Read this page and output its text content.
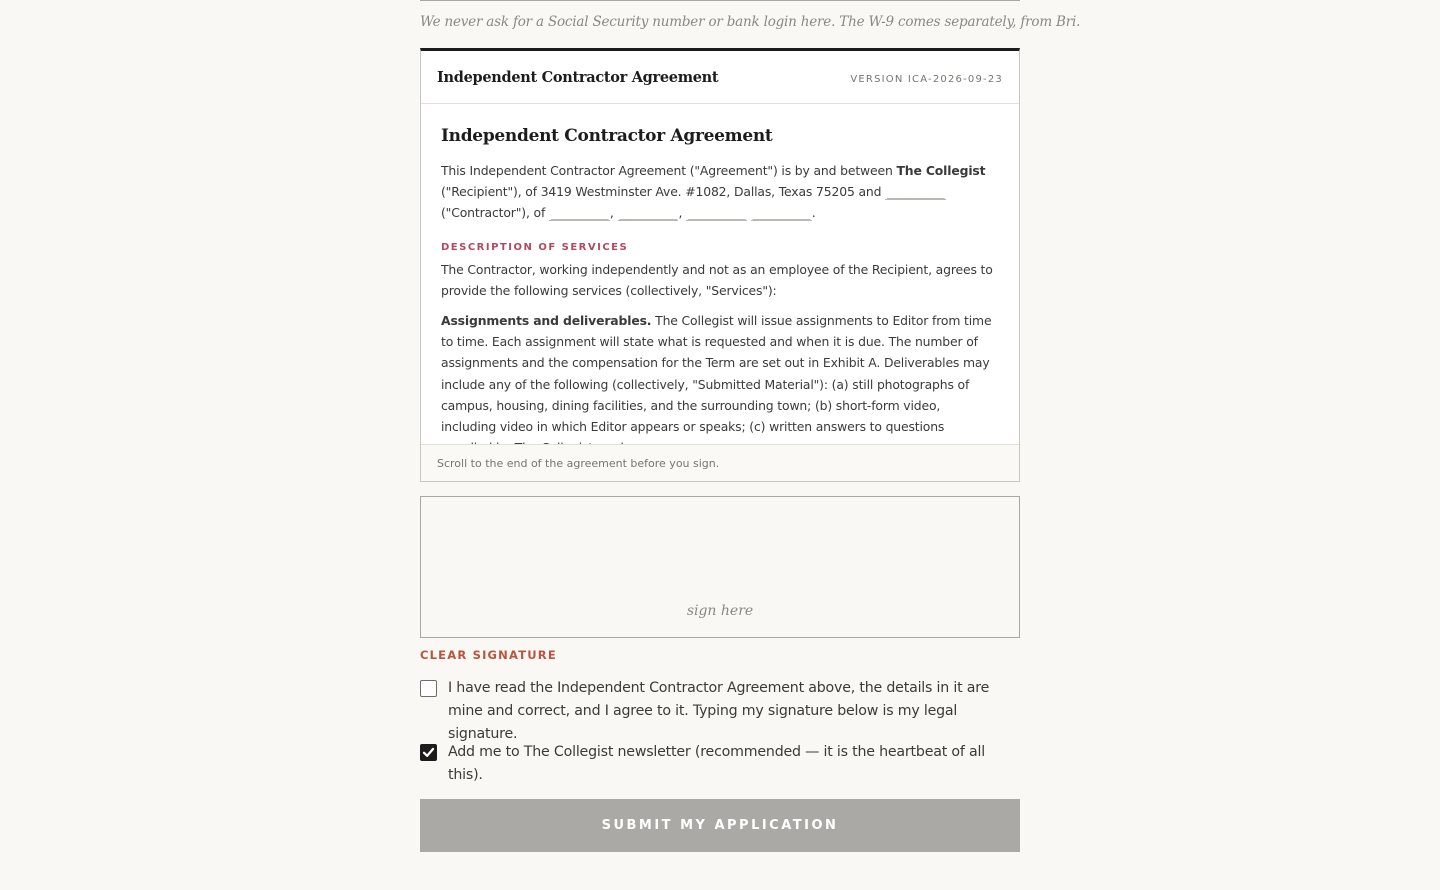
We never ask for a Social Security number or bank login here. The W-9 comes separately, from Bri.

Independent Contractor Agreement	VERSION ICA-2026-09-23
Independent Contractor Agreement

This Independent Contractor Agreement ("Agreement") is by and between The Collegist ("Recipient"), of 3419 Westminster Ave. #1082, Dallas, Texas 75205 and __________ ("Contractor"), of __________ , __________ , __________ __________ .

DESCRIPTION OF SERVICES

The Contractor, working independently and not as an employee of the Recipient, agrees to provide the following services (collectively, "Services"):

Assignments and deliverables. The Collegist will issue assignments to Editor from time to time. Each assignment will state what is requested and when it is due. The number of assignments and the compensation for the Term are set out in Exhibit A. Deliverables may include any of the following (collectively, "Submitted Material"): (a) still photographs of campus, housing, dining facilities, and the surrounding town; (b) short-form video, including video in which Editor appears or speaks; (c) written answers to questions

Scroll to the end of the agreement before you sign.
sign here
CLEAR SIGNATURE
I have read the Independent Contractor Agreement above, the details in it are mine and correct, and I agree to it. Typing my signature below is my legal signature.
Add me to The Collegist newsletter (recommended — it is the heartbeat of all this).
SUBMIT MY APPLICATION
